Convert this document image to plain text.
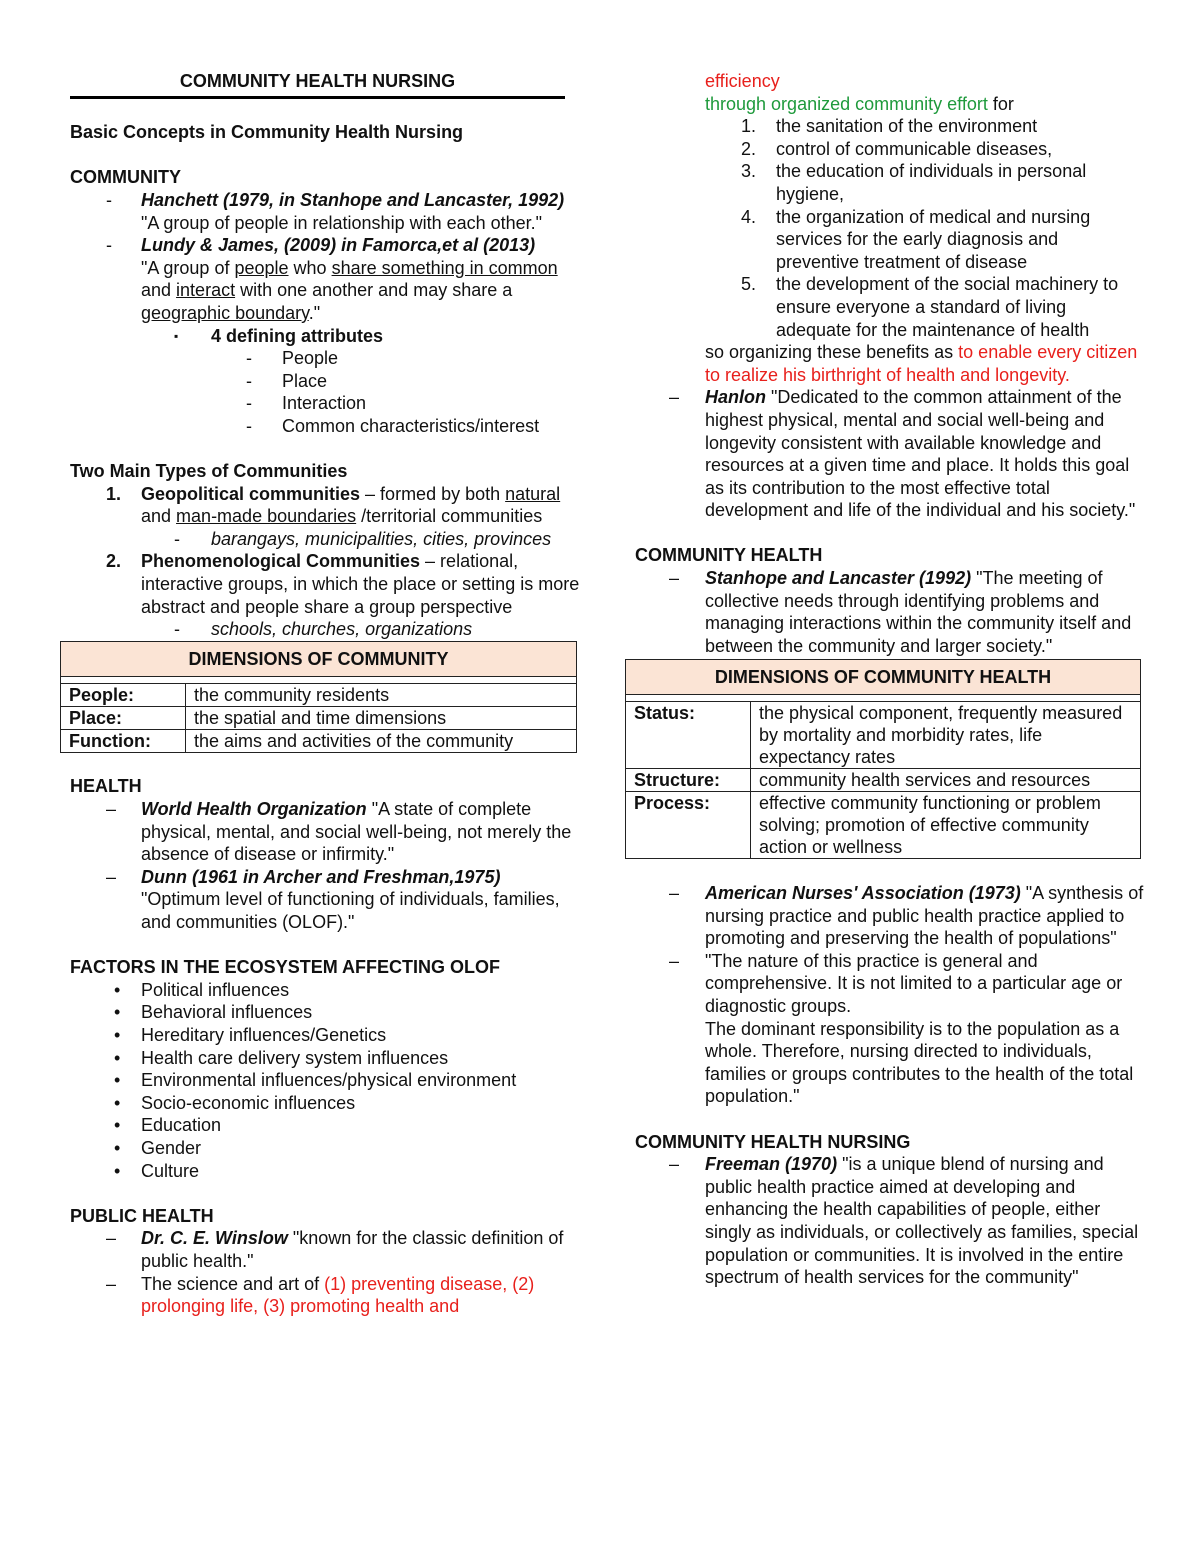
COMMUNITY HEALTH NURSING

Basic Concepts in Community Health Nursing

COMMUNITY

- Hanchett (1979, in Stanhope and Lancaster, 1992) "A group of people in relationship with each other."
- Lundy & James, (2009) in Famorca,et al (2013)
"A group of people who share something in common and interact with one another and may share a geographic boundary."
▪ 4 defining attributes
- People
- Place
- Interaction
- Common characteristics/interest

Two Main Types of Communities

1. Geopolitical communities – formed by both natural and man-made boundaries /territorial communities
- barangays, municipalities, cities, provinces
2. Phenomenological Communities – relational, interactive groups, in which the place or setting is more abstract and people share a group perspective
- schools, churches, organizations
DIMENSIONS OF COMMUNITY	

People:	the community residents
Place:	the spatial and time dimensions
Function:	the aims and activities of the community

HEALTH

– World Health Organization "A state of complete physical, mental, and social well-being, not merely the absence of disease or infirmity."
– Dunn (1961 in Archer and Freshman,1975)
"Optimum level of functioning of individuals, families, and communities (OLOF)."

FACTORS IN THE ECOSYSTEM AFFECTING OLOF

• Political influences
• Behavioral influences
• Hereditary influences/Genetics
• Health care delivery system influences
• Environmental influences/physical environment
• Socio-economic influences
• Education
• Gender
• Culture

PUBLIC HEALTH

– Dr. C. E. Winslow "known for the classic definition of public health."
– The science and art of (1) preventing disease, (2) prolonging life, (3) promoting health and

efficiency

through organized community effort for

1. the sanitation of the environment
2. control of communicable diseases,
3. the education of individuals in personal hygiene,
4. the organization of medical and nursing services for the early diagnosis and preventive treatment of disease
5. the development of the social machinery to ensure everyone a standard of living adequate for the maintenance of health

so organizing these benefits as to enable every citizen to realize his birthright of health and longevity.

– Hanlon "Dedicated to the common attainment of the highest physical, mental and social well-being and longevity consistent with available knowledge and resources at a given time and place. It holds this goal as its contribution to the most effective total development and life of the individual and his society."

COMMUNITY HEALTH

– Stanhope and Lancaster (1992) "The meeting of collective needs through identifying problems and managing interactions within the community itself and between the community and larger society."
DIMENSIONS OF COMMUNITY HEALTH	

Status:	the physical component, frequently measured by mortality and morbidity rates, life expectancy rates
Structure:	community health services and resources
Process:	effective community functioning or problem solving; promotion of effective community action or wellness
– American Nurses' Association (1973) "A synthesis of nursing practice and public health practice applied to promoting and preserving the health of populations"
– "The nature of this practice is general and comprehensive. It is not limited to a particular age or diagnostic groups.
The dominant responsibility is to the population as a whole. Therefore, nursing directed to individuals, families or groups contributes to the health of the total population."

COMMUNITY HEALTH NURSING

– Freeman (1970) "is a unique blend of nursing and public health practice aimed at developing and enhancing the health capabilities of people, either singly as individuals, or collectively as families, special population or communities. It is involved in the entire spectrum of health services for the community"
